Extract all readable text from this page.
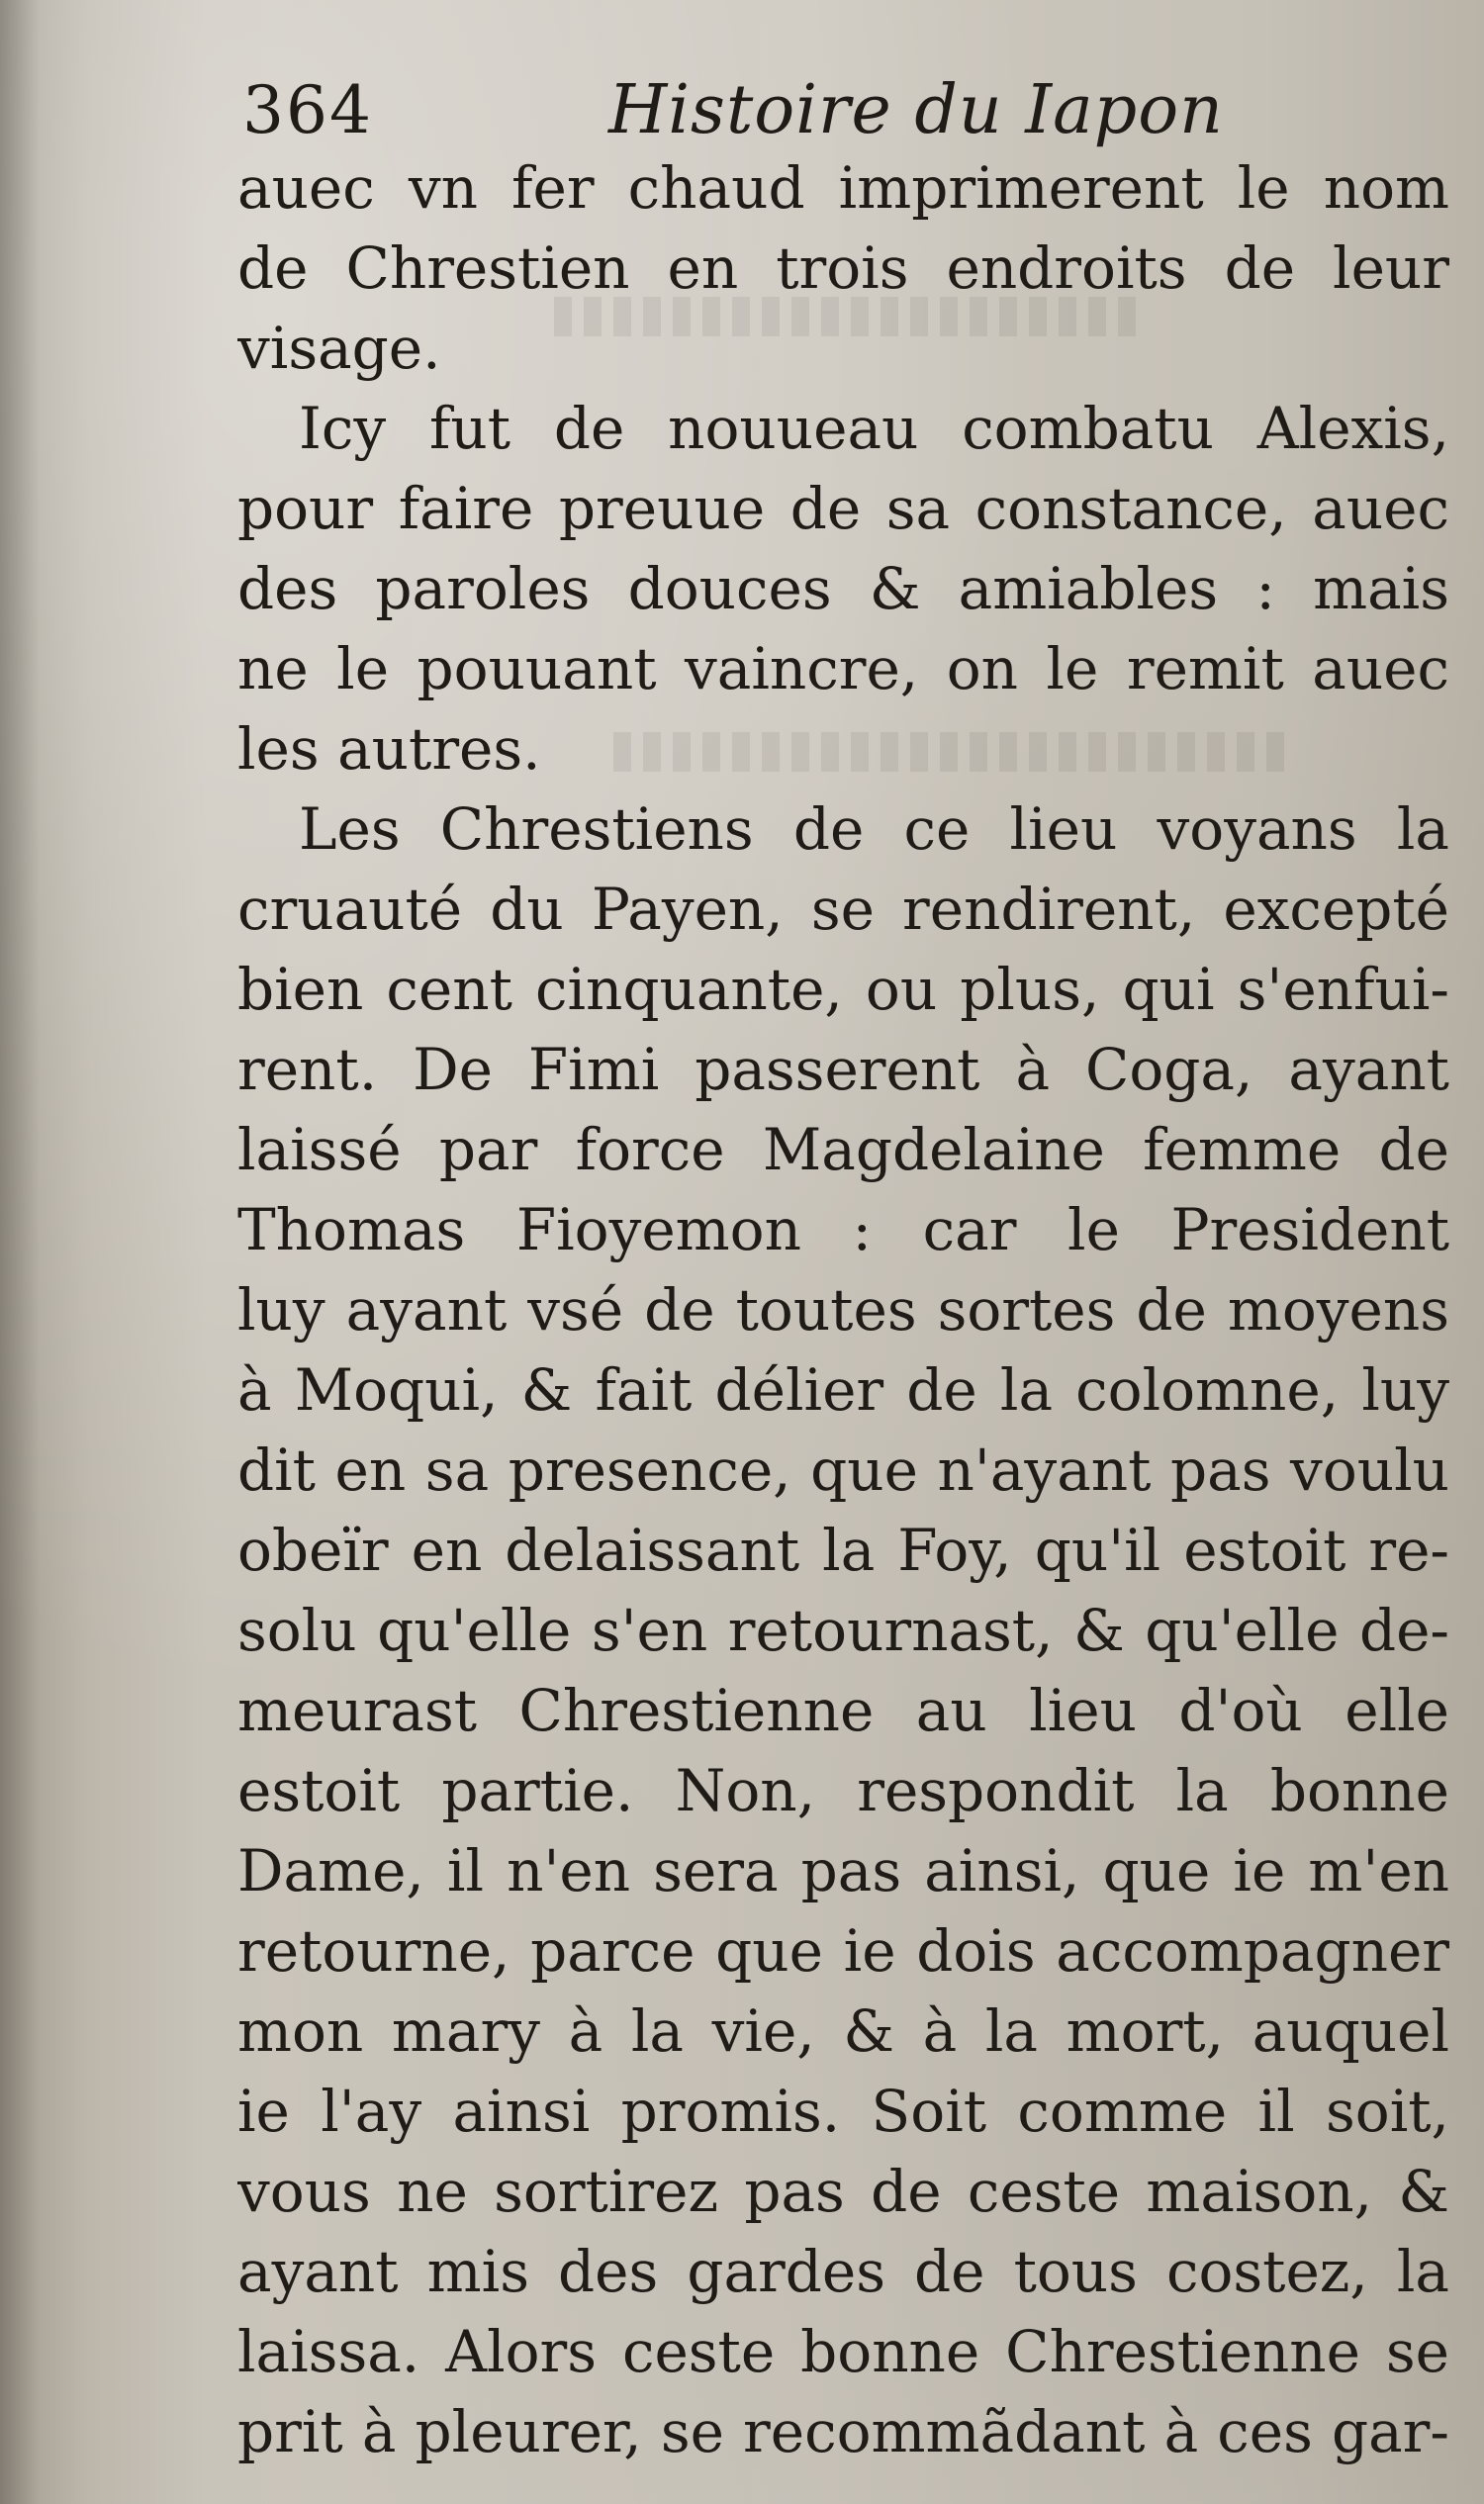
364	Histoire du Iapon
auec vn fer chaud imprimerent le nom
de Chrestien en trois endroits de leur
visage.
Icy fut de nouueau combatu Alexis,
pour faire preuue de sa constance, auec
des paroles douces & amiables : mais
ne le pouuant vaincre, on le remit auec
les autres.
Les Chrestiens de ce lieu voyans la
cruauté du Payen, se rendirent, excepté
bien cent cinquante, ou plus, qui s'enfui-
rent. De Fimi passerent à Coga, ayant
laissé par force Magdelaine femme de
Thomas Fioyemon : car le President
luy ayant vsé de toutes sortes de moyens
à Moqui, & fait délier de la colomne, luy
dit en sa presence, que n'ayant pas voulu
obeïr en delaissant la Foy, qu'il estoit re-
solu qu'elle s'en retournast, & qu'elle de-
meurast Chrestienne au lieu d'où elle
estoit partie. Non, respondit la bonne
Dame, il n'en sera pas ainsi, que ie m'en
retourne, parce que ie dois accompagner
mon mary à la vie, & à la mort, auquel
ie l'ay ainsi promis. Soit comme il soit,
vous ne sortirez pas de ceste maison, &
ayant mis des gardes de tous costez, la
laissa. Alors ceste bonne Chrestienne se
prit à pleurer, se recommãdant à ces gar-
